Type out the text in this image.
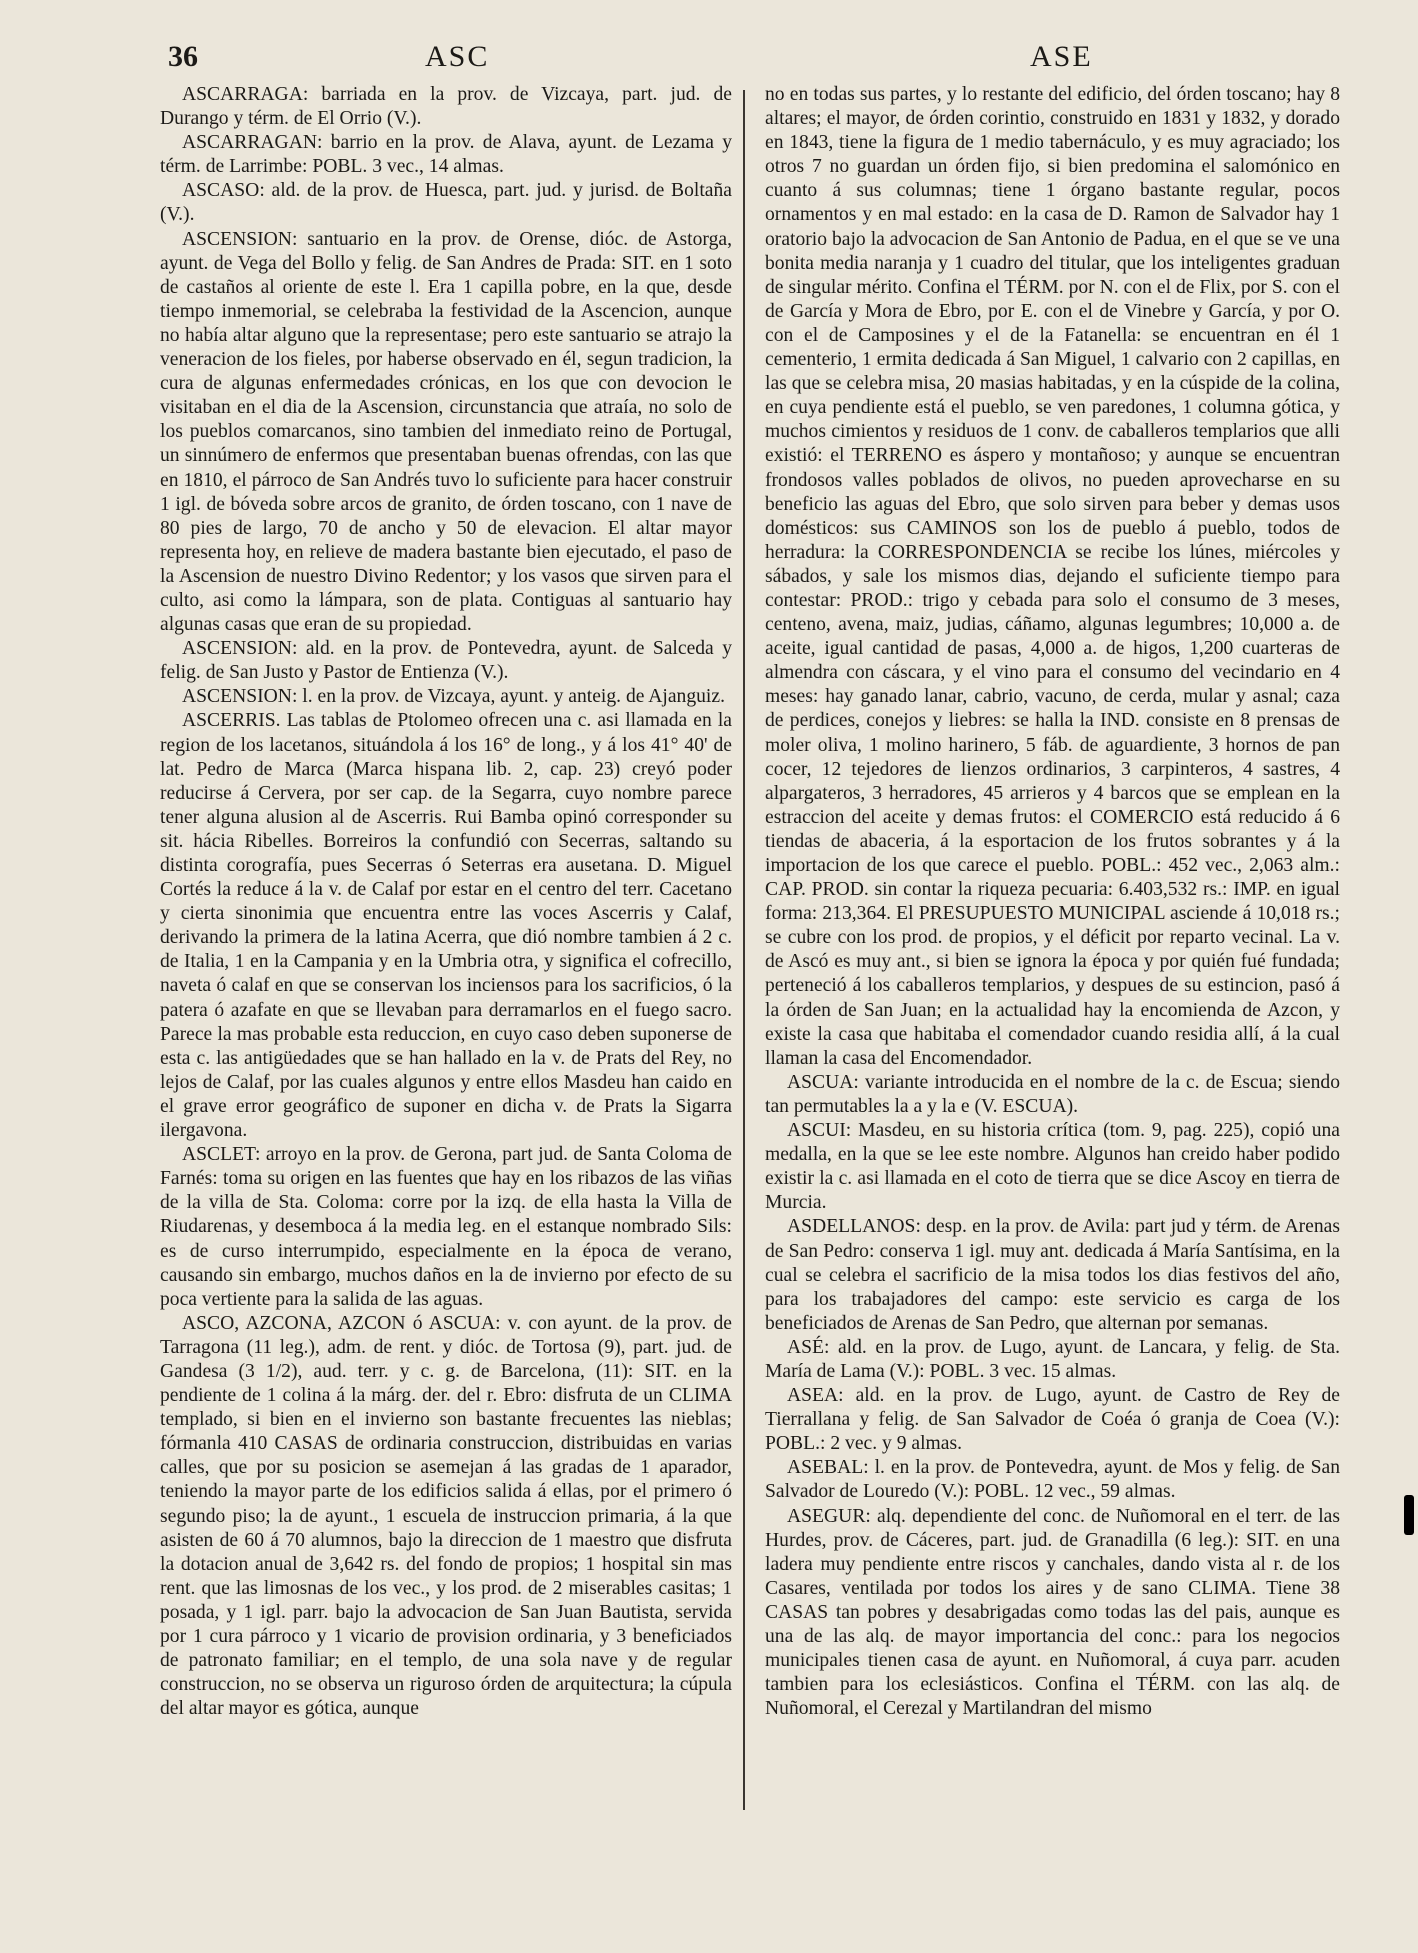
36	ASC	ASE

ASCARRAGA: barriada en la prov. de Vizcaya, part. jud. de Durango y térm. de El Orrio (V.).

ASCARRAGAN: barrio en la prov. de Alava, ayunt. de Lezama y térm. de Larrimbe: POBL. 3 vec., 14 almas.

ASCASO: ald. de la prov. de Huesca, part. jud. y jurisd. de Boltaña (V.).

ASCENSION: santuario en la prov. de Orense, dióc. de Astorga, ayunt. de Vega del Bollo y felig. de San Andres de Prada: SIT. en 1 soto de castaños al oriente de este l. Era 1 capilla pobre, en la que, desde tiempo inmemorial, se celebraba la festividad de la Ascencion, aunque no había altar alguno que la representase; pero este santuario se atrajo la veneracion de los fieles, por haberse observado en él, segun tradicion, la cura de algunas enfermedades crónicas, en los que con devocion le visitaban en el dia de la Ascension, circunstancia que atraía, no solo de los pueblos comarcanos, sino tambien del inmediato reino de Portugal, un sinnúmero de enfermos que presentaban buenas ofrendas, con las que en 1810, el párroco de San Andrés tuvo lo suficiente para hacer construir 1 igl. de bóveda sobre arcos de granito, de órden toscano, con 1 nave de 80 pies de largo, 70 de ancho y 50 de elevacion. El altar mayor representa hoy, en relieve de madera bastante bien ejecutado, el paso de la Ascension de nuestro Divino Redentor; y los vasos que sirven para el culto, asi como la lámpara, son de plata. Contiguas al santuario hay algunas casas que eran de su propiedad.

ASCENSION: ald. en la prov. de Pontevedra, ayunt. de Salceda y felig. de San Justo y Pastor de Entienza (V.).

ASCENSION: l. en la prov. de Vizcaya, ayunt. y anteig. de Ajanguiz.

ASCERRIS. Las tablas de Ptolomeo ofrecen una c. asi llamada en la region de los lacetanos, situándola á los 16° de long., y á los 41° 40' de lat. Pedro de Marca (Marca hispana lib. 2, cap. 23) creyó poder reducirse á Cervera, por ser cap. de la Segarra, cuyo nombre parece tener alguna alusion al de Ascerris. Rui Bamba opinó corresponder su sit. hácia Ribelles. Borreiros la confundió con Secerras, saltando su distinta corografía, pues Secerras ó Seterras era ausetana. D. Miguel Cortés la reduce á la v. de Calaf por estar en el centro del terr. Cacetano y cierta sinonimia que encuentra entre las voces Ascerris y Calaf, derivando la primera de la latina Acerra, que dió nombre tambien á 2 c. de Italia, 1 en la Campania y en la Umbria otra, y significa el cofrecillo, naveta ó calaf en que se conservan los inciensos para los sacrificios, ó la patera ó azafate en que se llevaban para derramarlos en el fuego sacro. Parece la mas probable esta reduccion, en cuyo caso deben suponerse de esta c. las antigüedades que se han hallado en la v. de Prats del Rey, no lejos de Calaf, por las cuales algunos y entre ellos Masdeu han caido en el grave error geográfico de suponer en dicha v. de Prats la Sigarra ilergavona.

ASCLET: arroyo en la prov. de Gerona, part jud. de Santa Coloma de Farnés: toma su origen en las fuentes que hay en los ribazos de las viñas de la villa de Sta. Coloma: corre por la izq. de ella hasta la Villa de Riudarenas, y desemboca á la media leg. en el estanque nombrado Sils: es de curso interrumpido, especialmente en la época de verano, causando sin embargo, muchos daños en la de invierno por efecto de su poca vertiente para la salida de las aguas.

ASCO, AZCONA, AZCON ó ASCUA: v. con ayunt. de la prov. de Tarragona (11 leg.), adm. de rent. y dióc. de Tortosa (9), part. jud. de Gandesa (3 1/2), aud. terr. y c. g. de Barcelona, (11): SIT. en la pendiente de 1 colina á la márg. der. del r. Ebro: disfruta de un CLIMA templado, si bien en el invierno son bastante frecuentes las nieblas; fórmanla 410 CASAS de ordinaria construccion, distribuidas en varias calles, que por su posicion se asemejan á las gradas de 1 aparador, teniendo la mayor parte de los edificios salida á ellas, por el primero ó segundo piso; la de ayunt., 1 escuela de instruccion primaria, á la que asisten de 60 á 70 alumnos, bajo la direccion de 1 maestro que disfruta la dotacion anual de 3,642 rs. del fondo de propios; 1 hospital sin mas rent. que las limosnas de los vec., y los prod. de 2 miserables casitas; 1 posada, y 1 igl. parr. bajo la advocacion de San Juan Bautista, servida por 1 cura párroco y 1 vicario de provision ordinaria, y 3 beneficiados de patronato familiar; en el templo, de una sola nave y de regular construccion, no se observa un riguroso órden de arquitectura; la cúpula del altar mayor es gótica, aunque

no en todas sus partes, y lo restante del edificio, del órden toscano; hay 8 altares; el mayor, de órden corintio, construido en 1831 y 1832, y dorado en 1843, tiene la figura de 1 medio tabernáculo, y es muy agraciado; los otros 7 no guardan un órden fijo, si bien predomina el salomónico en cuanto á sus columnas; tiene 1 órgano bastante regular, pocos ornamentos y en mal estado: en la casa de D. Ramon de Salvador hay 1 oratorio bajo la advocacion de San Antonio de Padua, en el que se ve una bonita media naranja y 1 cuadro del titular, que los inteligentes graduan de singular mérito. Confina el TÉRM. por N. con el de Flix, por S. con el de García y Mora de Ebro, por E. con el de Vinebre y García, y por O. con el de Camposines y el de la Fatanella: se encuentran en él 1 cementerio, 1 ermita dedicada á San Miguel, 1 calvario con 2 capillas, en las que se celebra misa, 20 masias habitadas, y en la cúspide de la colina, en cuya pendiente está el pueblo, se ven paredones, 1 columna gótica, y muchos cimientos y residuos de 1 conv. de caballeros templarios que alli existió: el TERRENO es áspero y montañoso; y aunque se encuentran frondosos valles poblados de olivos, no pueden aprovecharse en su beneficio las aguas del Ebro, que solo sirven para beber y demas usos domésticos: sus CAMINOS son los de pueblo á pueblo, todos de herradura: la CORRESPONDENCIA se recibe los lúnes, miércoles y sábados, y sale los mismos dias, dejando el suficiente tiempo para contestar: PROD.: trigo y cebada para solo el consumo de 3 meses, centeno, avena, maiz, judias, cáñamo, algunas legumbres; 10,000 a. de aceite, igual cantidad de pasas, 4,000 a. de higos, 1,200 cuarteras de almendra con cáscara, y el vino para el consumo del vecindario en 4 meses: hay ganado lanar, cabrio, vacuno, de cerda, mular y asnal; caza de perdices, conejos y liebres: se halla la IND. consiste en 8 prensas de moler oliva, 1 molino harinero, 5 fáb. de aguardiente, 3 hornos de pan cocer, 12 tejedores de lienzos ordinarios, 3 carpinteros, 4 sastres, 4 alpargateros, 3 herradores, 45 arrieros y 4 barcos que se emplean en la estraccion del aceite y demas frutos: el COMERCIO está reducido á 6 tiendas de abaceria, á la esportacion de los frutos sobrantes y á la importacion de los que carece el pueblo. POBL.: 452 vec., 2,063 alm.: CAP. PROD. sin contar la riqueza pecuaria: 6.403,532 rs.: IMP. en igual forma: 213,364. El PRESUPUESTO MUNICIPAL asciende á 10,018 rs.; se cubre con los prod. de propios, y el déficit por reparto vecinal. La v. de Ascó es muy ant., si bien se ignora la época y por quién fué fundada; perteneció á los caballeros templarios, y despues de su estincion, pasó á la órden de San Juan; en la actualidad hay la encomienda de Azcon, y existe la casa que habitaba el comendador cuando residia allí, á la cual llaman la casa del Encomendador.

ASCUA: variante introducida en el nombre de la c. de Escua; siendo tan permutables la a y la e (V. ESCUA).

ASCUI: Masdeu, en su historia crítica (tom. 9, pag. 225), copió una medalla, en la que se lee este nombre. Algunos han creido haber podido existir la c. asi llamada en el coto de tierra que se dice Ascoy en tierra de Murcia.

ASDELLANOS: desp. en la prov. de Avila: part jud y térm. de Arenas de San Pedro: conserva 1 igl. muy ant. dedicada á María Santísima, en la cual se celebra el sacrificio de la misa todos los dias festivos del año, para los trabajadores del campo: este servicio es carga de los beneficiados de Arenas de San Pedro, que alternan por semanas.

ASÉ: ald. en la prov. de Lugo, ayunt. de Lancara, y felig. de Sta. María de Lama (V.): POBL. 3 vec. 15 almas.

ASEA: ald. en la prov. de Lugo, ayunt. de Castro de Rey de Tierrallana y felig. de San Salvador de Coéa ó granja de Coea (V.): POBL.: 2 vec. y 9 almas.

ASEBAL: l. en la prov. de Pontevedra, ayunt. de Mos y felig. de San Salvador de Louredo (V.): POBL. 12 vec., 59 almas.

ASEGUR: alq. dependiente del conc. de Nuñomoral en el terr. de las Hurdes, prov. de Cáceres, part. jud. de Granadilla (6 leg.): SIT. en una ladera muy pendiente entre riscos y canchales, dando vista al r. de los Casares, ventilada por todos los aires y de sano CLIMA. Tiene 38 CASAS tan pobres y desabrigadas como todas las del pais, aunque es una de las alq. de mayor importancia del conc.: para los negocios municipales tienen casa de ayunt. en Nuñomoral, á cuya parr. acuden tambien para los eclesiásticos. Confina el TÉRM. con las alq. de Nuñomoral, el Cerezal y Martilandran del mismo
